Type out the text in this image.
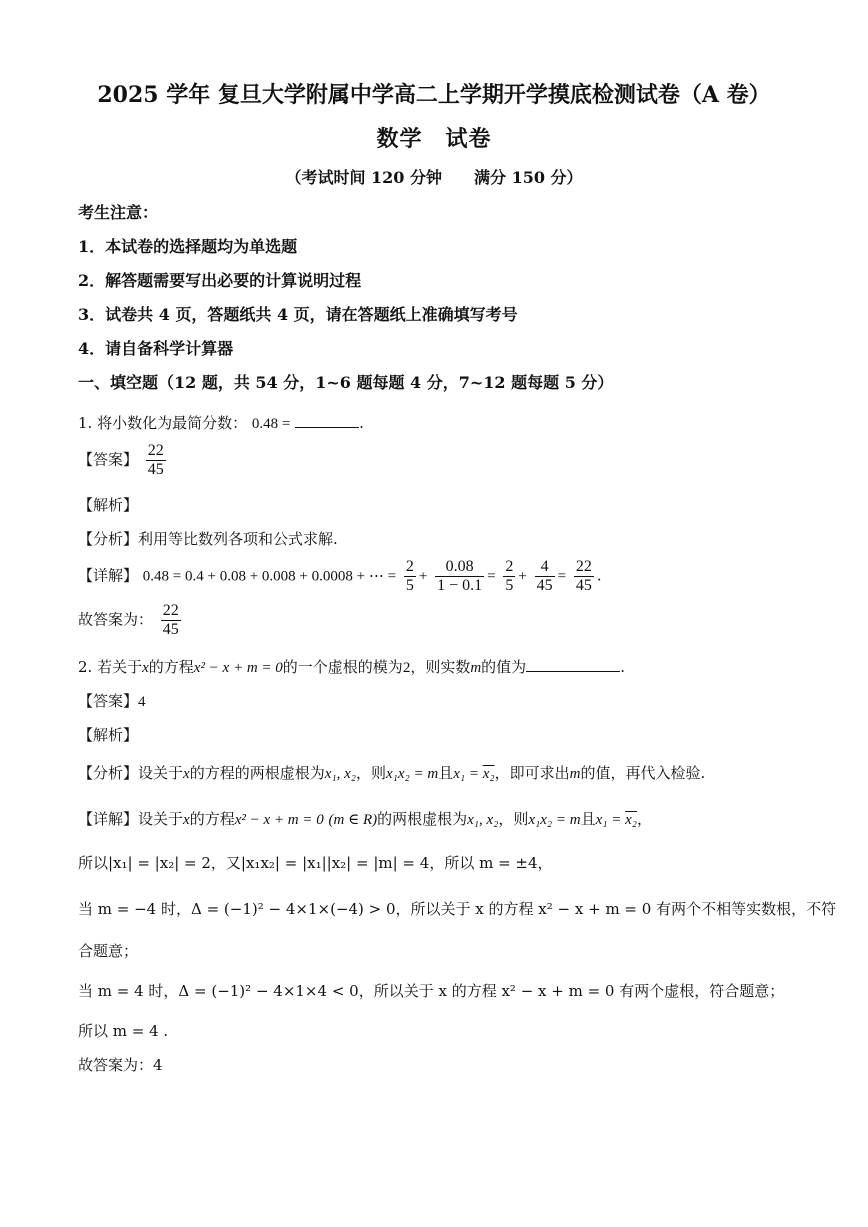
2025 学年 复旦大学附属中学高二上学期开学摸底检测试卷（A 卷）
数学　试卷
（考试时间 120 分钟　　满分 150 分）
考生注意：
1．本试卷的选择题均为单选题
2．解答题需要写出必要的计算说明过程
3．试卷共 4 页，答题纸共 4 页，请在答题纸上准确填写考号
4．请自备科学计算器
一、填空题（12 题，共 54 分，1~6 题每题 4 分，7~12 题每题 5 分）
1. 将小数化为最简分数： 0.48 =	.
【答案】 $\frac{22}{45}$
【解析】
【分析】利用等比数列各项和公式求解.
【详解】 0.48 = 0.4 + 0.08 + 0.008 + 0.0008 + ⋯ = $\frac{2}{5} + \frac{0.08}{1 - 0.1} = \frac{2}{5} + \frac{4}{45} = \frac{22}{45}$ .
故答案为： $\frac{22}{45}$
2. 若关于x的方程x² − x + m = 0的一个虚根的模为2，则实数m的值为	.
【答案】4
【解析】
【分析】设关于x的方程的两根虚根为x₁, x₂，则x₁x₂ = m且x₁ = x₂，即可求出m的值，再代入检验.
【详解】设关于x的方程x² − x + m = 0 (m ∈ R)的两根虚根为x₁, x₂，则x₁x₂ = m且x₁ = x₂，
所以|x₁| = |x₂| = 2，又|x₁x₂| = |x₁||x₂| = |m| = 4，所以 m = ±4，
当 m = −4 时，Δ = (−1)² − 4×1×(−4) > 0，所以关于 x 的方程 x² − x + m = 0 有两个不相等实数根，不符
合题意；
当 m = 4 时，Δ = (−1)² − 4×1×4 < 0，所以关于 x 的方程 x² − x + m = 0 有两个虚根，符合题意；
所以 m = 4 .
故答案为：4
